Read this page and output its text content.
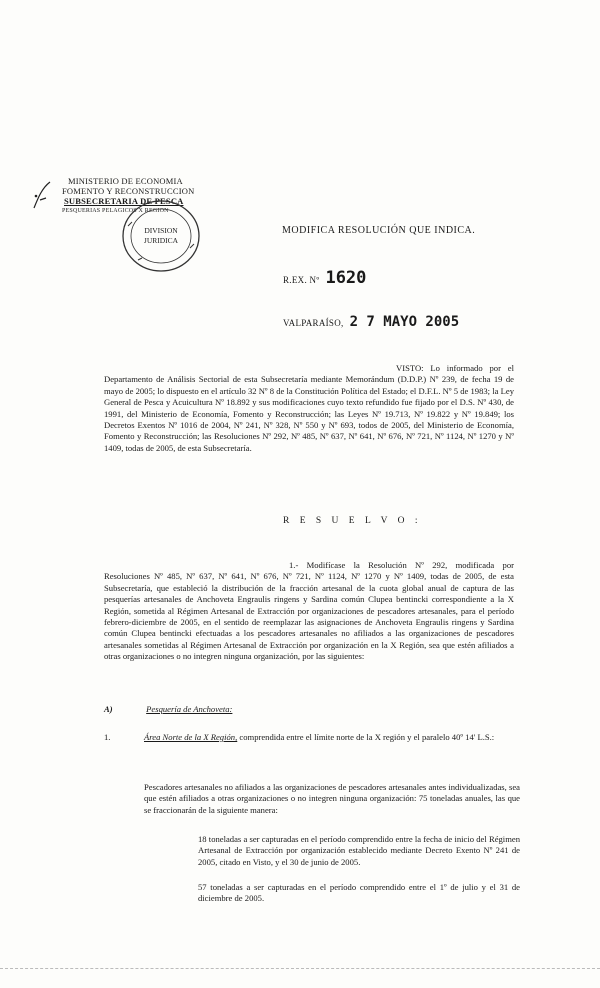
MINISTERIO DE ECONOMIA
FOMENTO Y RECONSTRUCCION
SUBSECRETARIA DE PESCA
PESQUERIAS PELAGICOS X REGION
DIVISION
JURIDICA
MODIFICA RESOLUCIÓN QUE INDICA.
R.EX. Nº 1620
VALPARAÍSO, 2 7 MAYO 2005
VISTO: Lo informado por el Departamento de Análisis Sectorial de esta Subsecretaría mediante Memorándum (D.D.P.) Nº 239, de fecha 19 de mayo de 2005; lo dispuesto en el artículo 32 Nº 8 de la Constitución Política del Estado; el D.F.L. Nº 5 de 1983; la Ley General de Pesca y Acuicultura Nº 18.892 y sus modificaciones cuyo texto refundido fue fijado por el D.S. Nº 430, de 1991, del Ministerio de Economía, Fomento y Reconstrucción; las Leyes Nº 19.713, Nº 19.822 y Nº 19.849; los Decretos Exentos Nº 1016 de 2004, Nº 241, Nº 328, Nº 550 y Nº 693, todos de 2005, del Ministerio de Economía, Fomento y Reconstrucción; las Resoluciones Nº 292, Nº 485, Nº 637, Nº 641, Nº 676, Nº 721, Nº 1124, Nº 1270 y Nº 1409, todas de 2005, de esta Subsecretaría.
R E S U E L V O :
1.- Modifícase la Resolución Nº 292, modificada por Resoluciones Nº 485, Nº 637, Nº 641, Nº 676, Nº 721, Nº 1124, Nº 1270 y Nº 1409, todas de 2005, de esta Subsecretaría, que estableció la distribución de la fracción artesanal de la cuota global anual de captura de las pesquerías artesanales de Anchoveta Engraulis ringens y Sardina común Clupea bentincki correspondiente a la X Región, sometida al Régimen Artesanal de Extracción por organizaciones de pescadores artesanales, para el período febrero-diciembre de 2005, en el sentido de reemplazar las asignaciones de Anchoveta Engraulis ringens y Sardina común Clupea bentincki efectuadas a los pescadores artesanales no afiliados a las organizaciones de pescadores artesanales sometidas al Régimen Artesanal de Extracción por organización en la X Región, sea que estén afiliados a otras organizaciones o no integren ninguna organización, por las siguientes:
A)	Pesquería de Anchoveta:
1.	Área Norte de la X Región, comprendida entre el límite norte de la X región y el paralelo 40º 14' L.S.:
Pescadores artesanales no afiliados a las organizaciones de pescadores artesanales antes individualizadas, sea que estén afiliados a otras organizaciones o no integren ninguna organización: 75 toneladas anuales, las que se fraccionarán de la siguiente manera:
18 toneladas a ser capturadas en el período comprendido entre la fecha de inicio del Régimen Artesanal de Extracción por organización establecido mediante Decreto Exento Nº 241 de 2005, citado en Visto, y el 30 de junio de 2005.
57 toneladas a ser capturadas en el período comprendido entre el 1º de julio y el 31 de diciembre de 2005.
